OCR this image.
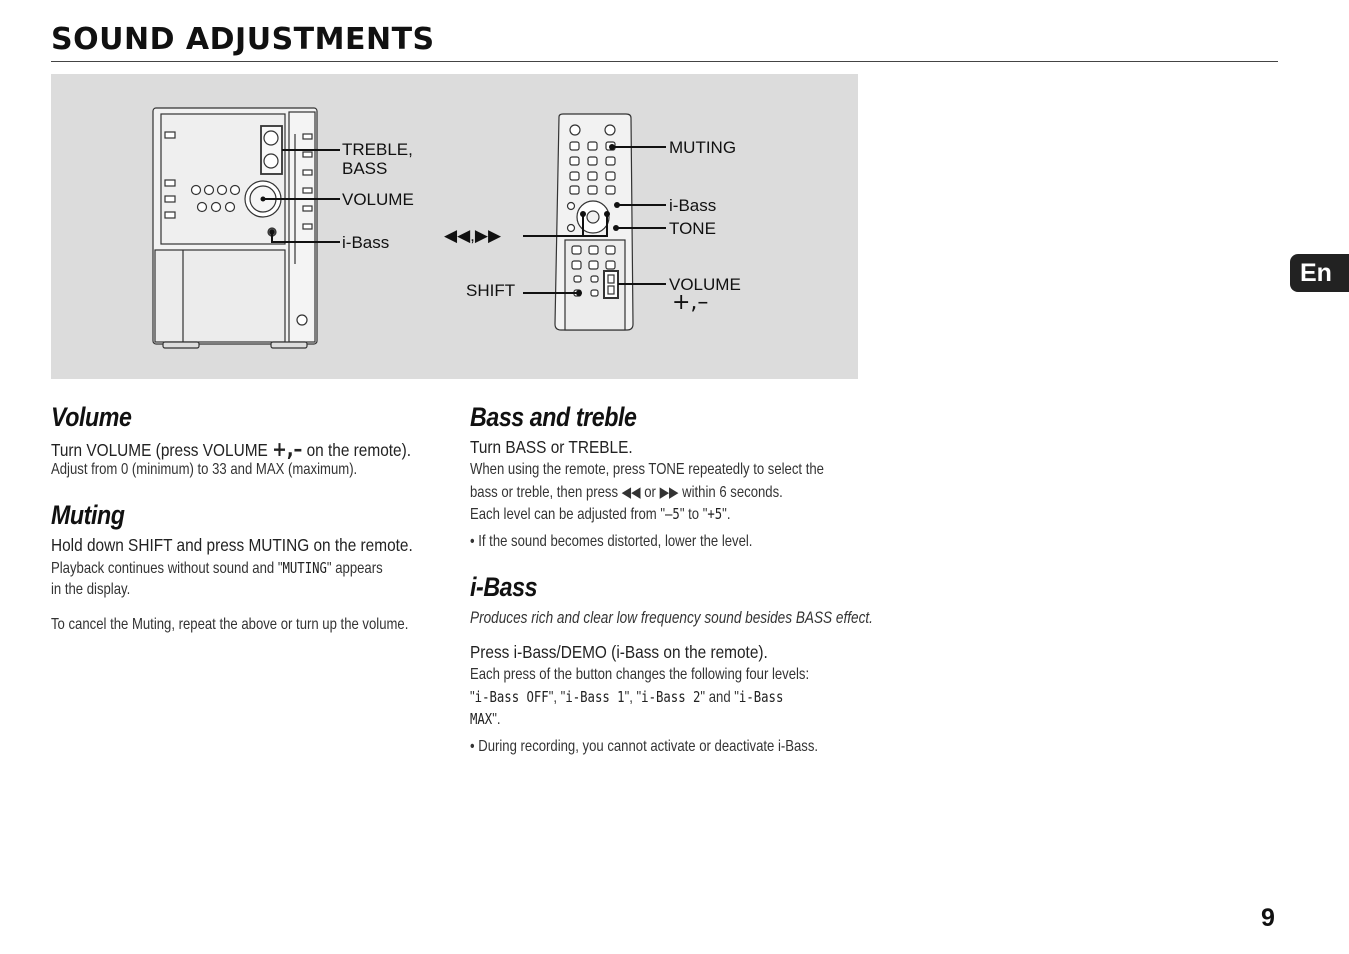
SOUND ADJUSTMENTS
TREBLE,
BASS
VOLUME
i-Bass	◀◀,▶▶
SHIFT
MUTING
i-Bass
TONE
VOLUME
+,–
Volume
Turn VOLUME (press VOLUME +,– on the remote).
Adjust from 0 (minimum) to 33 and MAX (maximum).
Muting
Hold down SHIFT and press MUTING on the remote.
Playback continues without sound and "MUTING" appears
in the display.
To cancel the Muting, repeat the above or turn up the volume.
Bass and treble
Turn BASS or TREBLE.
When using the remote, press TONE repeatedly to select the
bass or treble, then press ◀◀ or ▶▶ within 6 seconds.
Each level can be adjusted from "–5" to "+5".
• If the sound becomes distorted, lower the level.
i-Bass
Produces rich and clear low frequency sound besides BASS effect.
Press i-Bass/DEMO (i-Bass on the remote).
Each press of the button changes the following four levels:
"i-Bass OFF", "i-Bass 1", "i-Bass 2" and "i-Bass
MAX".
• During recording, you cannot activate or deactivate i-Bass.
En
9
